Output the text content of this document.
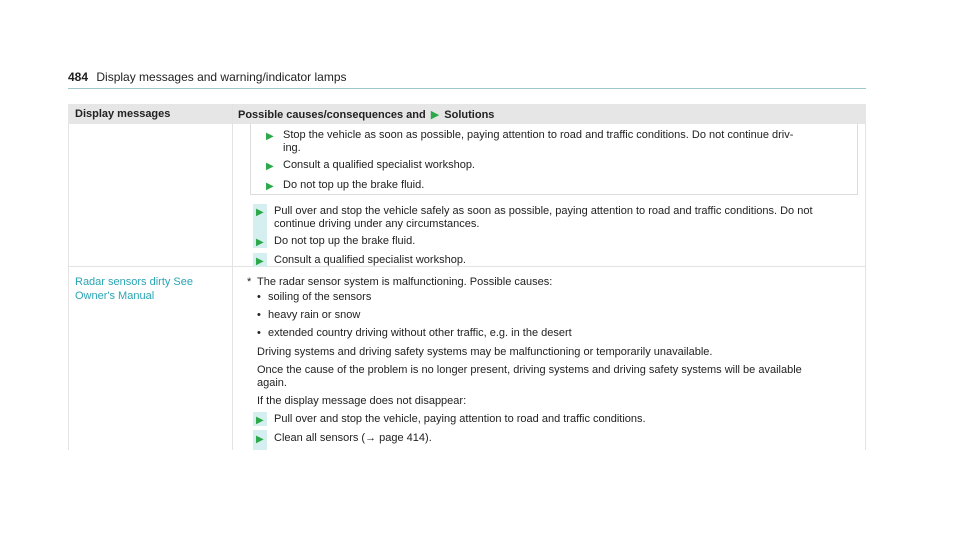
484 Display messages and warning/indicator lamps
Display messages	Possible causes/consequences and ▶ Solutions
▶ Stop the vehicle as soon as possible, paying attention to road and traffic conditions. Do not continue driv-
ing.
▶ Consult a qualified specialist workshop.
▶ Do not top up the brake fluid.
▶ Pull over and stop the vehicle safely as soon as possible, paying attention to road and traffic conditions. Do not
continue driving under any circumstances.
▶ Do not top up the brake fluid.
▶ Consult a qualified specialist workshop.
Radar sensors dirty See
Owner's Manual
* The radar sensor system is malfunctioning. Possible causes:
• soiling of the sensors
• heavy rain or snow
• extended country driving without other traffic, e.g. in the desert
Driving systems and driving safety systems may be malfunctioning or temporarily unavailable.
Once the cause of the problem is no longer present, driving systems and driving safety systems will be available
again.
If the display message does not disappear:
▶ Pull over and stop the vehicle, paying attention to road and traffic conditions.
▶ Clean all sensors (→ page 414).
